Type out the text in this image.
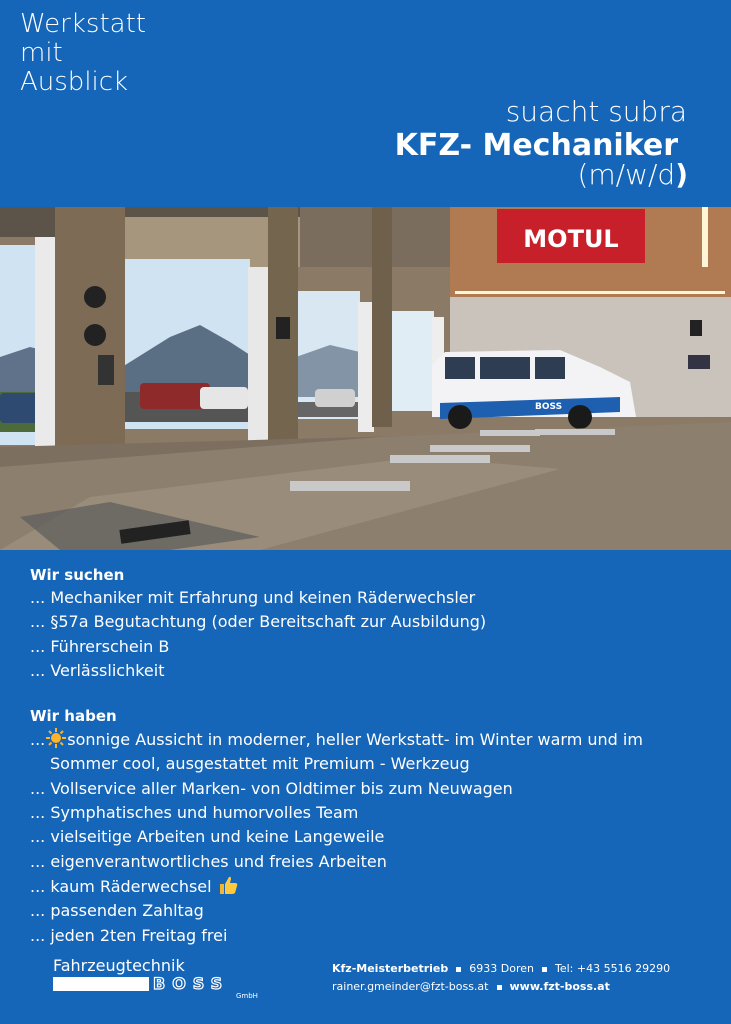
Werkstatt
mit
Ausblick
suacht subra
KFZ- Mechaniker
(m/w/d)
MOTUL
BOSS
Wir suchen
... Mechaniker mit Erfahrung und keinen Räderwechsler
... §57a Begutachtung (oder Bereitschaft zur Ausbildung)
... Führerschein B
... Verlässlichkeit
Wir haben
... sonnige Aussicht in moderner, heller Werkstatt- im Winter warm und im Sommer cool, ausgestattet mit Premium - Werkzeug
... Vollservice aller Marken- von Oldtimer bis zum Neuwagen
... Symphatisches und humorvolles Team
... vielseitige Arbeiten und keine Langeweile
... eigenverantwortliches und freies Arbeiten
... kaum Räderwechsel
... passenden Zahltag
... jeden 2ten Freitag frei
Fahrzeugtechnik
BOSS
GmbH
Kfz-Meisterbetrieb 6933 Doren Tel: +43 5516 29290
rainer.gmeinder@fzt-boss.at www.fzt-boss.at
